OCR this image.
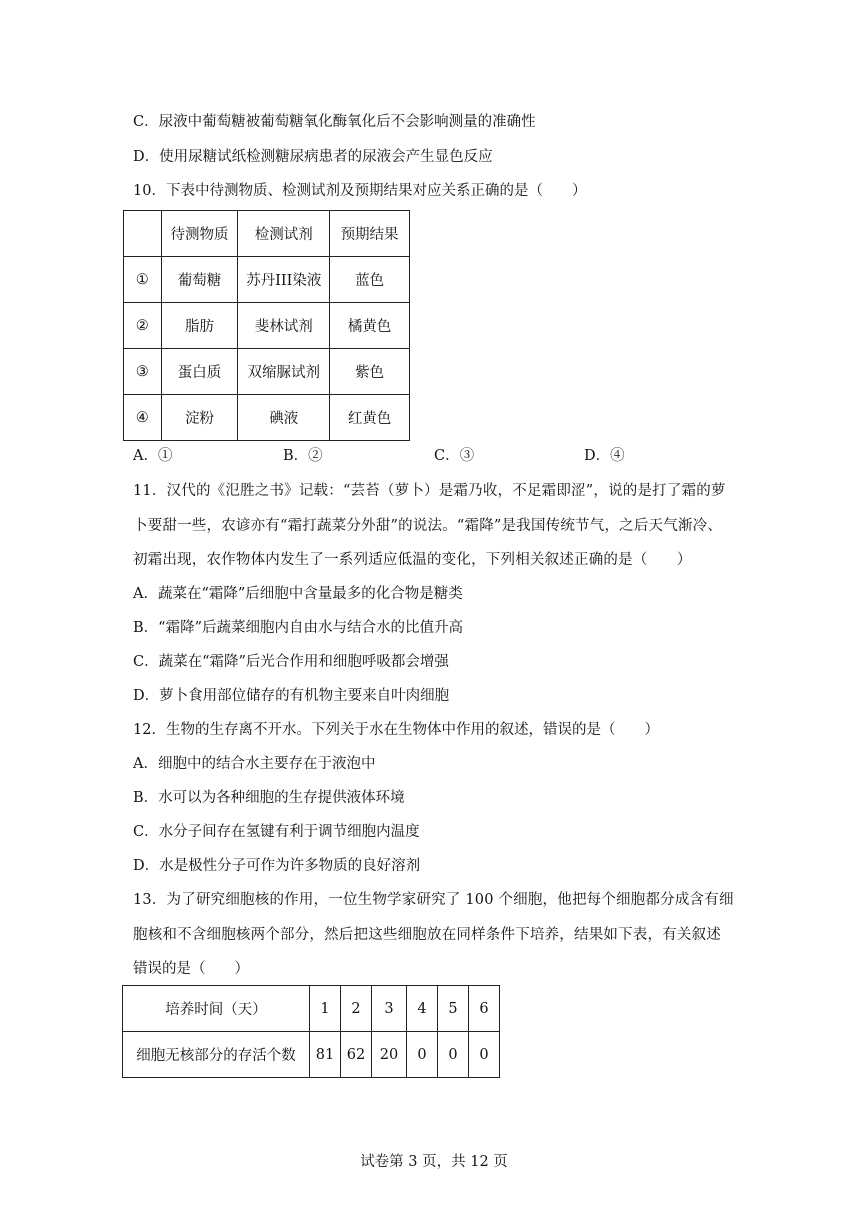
C．尿液中葡萄糖被葡萄糖氧化酶氧化后不会影响测量的准确性
D．使用尿糖试纸检测糖尿病患者的尿液会产生显色反应
10．下表中待测物质、检测试剂及预期结果对应关系正确的是（　　）
	待测物质	检测试剂	预期结果
①	葡萄糖	苏丹III染液	蓝色
②	脂肪	斐林试剂	橘黄色
③	蛋白质	双缩脲试剂	紫色
④	淀粉	碘液	红黄色
A．①	B．②	C．③	D．④
11．汉代的《氾胜之书》记载：“芸苔（萝卜）是霜乃收，不足霜即涩”，说的是打了霜的萝
卜要甜一些，农谚亦有“霜打蔬菜分外甜”的说法。“霜降”是我国传统节气，之后天气渐冷、
初霜出现，农作物体内发生了一系列适应低温的变化，下列相关叙述正确的是（　　）
A．蔬菜在“霜降”后细胞中含量最多的化合物是糖类
B．“霜降”后蔬菜细胞内自由水与结合水的比值升高
C．蔬菜在“霜降”后光合作用和细胞呼吸都会增强
D．萝卜食用部位储存的有机物主要来自叶肉细胞
12．生物的生存离不开水。下列关于水在生物体中作用的叙述，错误的是（　　）
A．细胞中的结合水主要存在于液泡中
B．水可以为各种细胞的生存提供液体环境
C．水分子间存在氢键有利于调节细胞内温度
D．水是极性分子可作为许多物质的良好溶剂
13．为了研究细胞核的作用，一位生物学家研究了 100 个细胞，他把每个细胞都分成含有细
胞核和不含细胞核两个部分，然后把这些细胞放在同样条件下培养，结果如下表，有关叙述
错误的是（　　）
培养时间（天）	1	2	3	4	5	6
细胞无核部分的存活个数	81	62	20	0	0	0
试卷第 3 页，共 12 页
